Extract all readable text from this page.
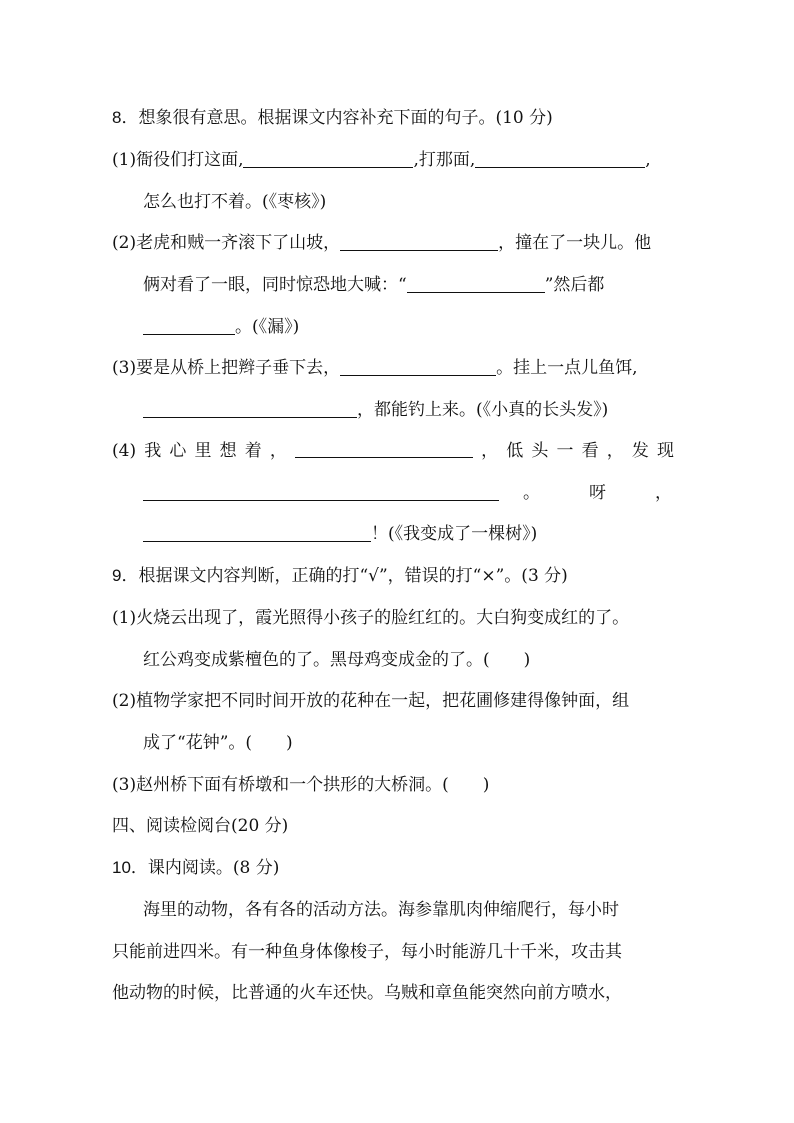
8．想象很有意思。根据课文内容补充下面的句子。(10 分)
(1)衙役们打这面,	,打那面,	,
怎么也打不着。(《枣核》)
(2)老虎和贼一齐滚下了山坡，	，撞在了一块儿。他
俩对看了一眼，同时惊恐地大喊：“	”然后都
。(《漏》)
(3)要是从桥上把辫子垂下去，	。挂上一点儿鱼饵,
，都能钓上来。(《小真的长头发》)
(4) 我 心 里 想 着 ，	， 低 头 一 看 ， 发 现
。	呀	，
！(《我变成了一棵树》)
9．根据课文内容判断，正确的打“√”，错误的打“×”。(3 分)
(1)火烧云出现了，霞光照得小孩子的脸红红的。大白狗变成红的了。
红公鸡变成紫檀色的了。黑母鸡变成金的了。(　　)
(2)植物学家把不同时间开放的花种在一起，把花圃修建得像钟面，组
成了“花钟”。(　　)
(3)赵州桥下面有桥墩和一个拱形的大桥洞。(　　)
四、阅读检阅台(20 分)
10．课内阅读。(8 分)
海里的动物，各有各的活动方法。海参靠肌肉伸缩爬行，每小时
只能前进四米。有一种鱼身体像梭子，每小时能游几十千米，攻击其
他动物的时候，比普通的火车还快。乌贼和章鱼能突然向前方喷水，
